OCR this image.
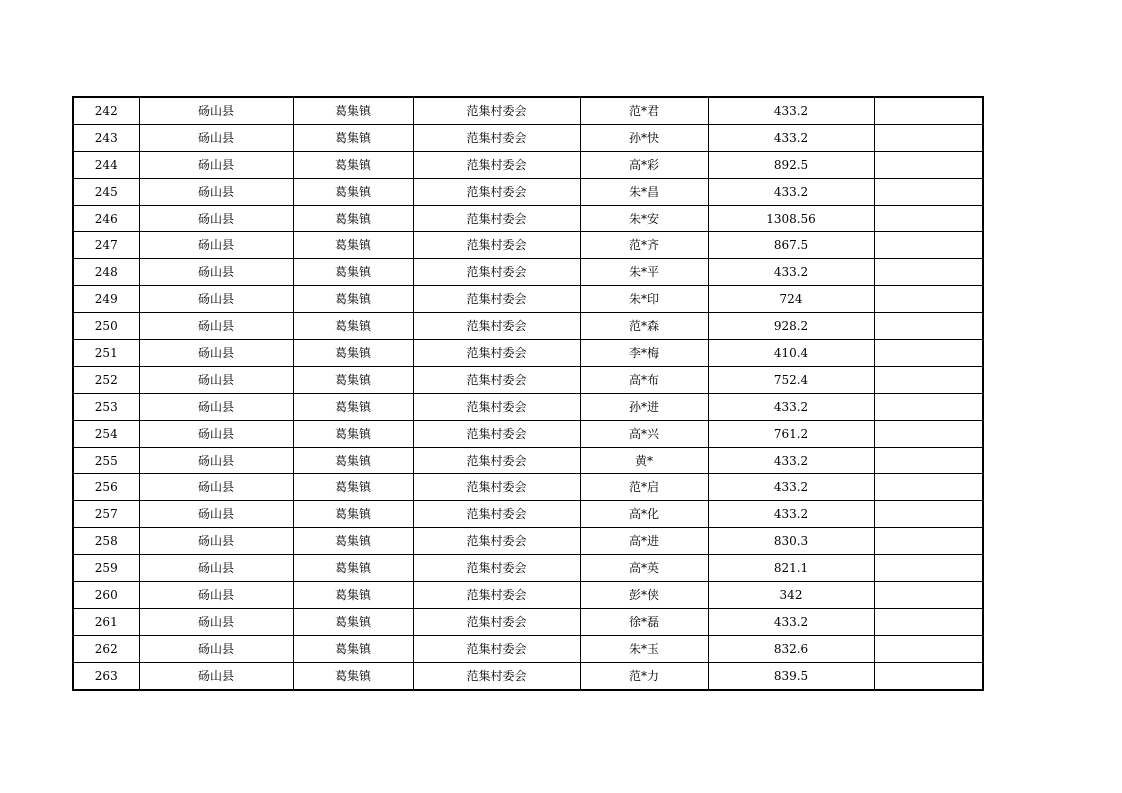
242	砀山县	葛集镇	范集村委会	范*君	433.2	
243	砀山县	葛集镇	范集村委会	孙*快	433.2	
244	砀山县	葛集镇	范集村委会	高*彩	892.5	
245	砀山县	葛集镇	范集村委会	朱*昌	433.2	
246	砀山县	葛集镇	范集村委会	朱*安	1308.56	
247	砀山县	葛集镇	范集村委会	范*齐	867.5	
248	砀山县	葛集镇	范集村委会	朱*平	433.2	
249	砀山县	葛集镇	范集村委会	朱*印	724	
250	砀山县	葛集镇	范集村委会	范*森	928.2	
251	砀山县	葛集镇	范集村委会	李*梅	410.4	
252	砀山县	葛集镇	范集村委会	高*布	752.4	
253	砀山县	葛集镇	范集村委会	孙*进	433.2	
254	砀山县	葛集镇	范集村委会	高*兴	761.2	
255	砀山县	葛集镇	范集村委会	黄*	433.2	
256	砀山县	葛集镇	范集村委会	范*启	433.2	
257	砀山县	葛集镇	范集村委会	高*化	433.2	
258	砀山县	葛集镇	范集村委会	高*进	830.3	
259	砀山县	葛集镇	范集村委会	高*英	821.1	
260	砀山县	葛集镇	范集村委会	彭*侠	342	
261	砀山县	葛集镇	范集村委会	徐*磊	433.2	
262	砀山县	葛集镇	范集村委会	朱*玉	832.6	
263	砀山县	葛集镇	范集村委会	范*力	839.5	
